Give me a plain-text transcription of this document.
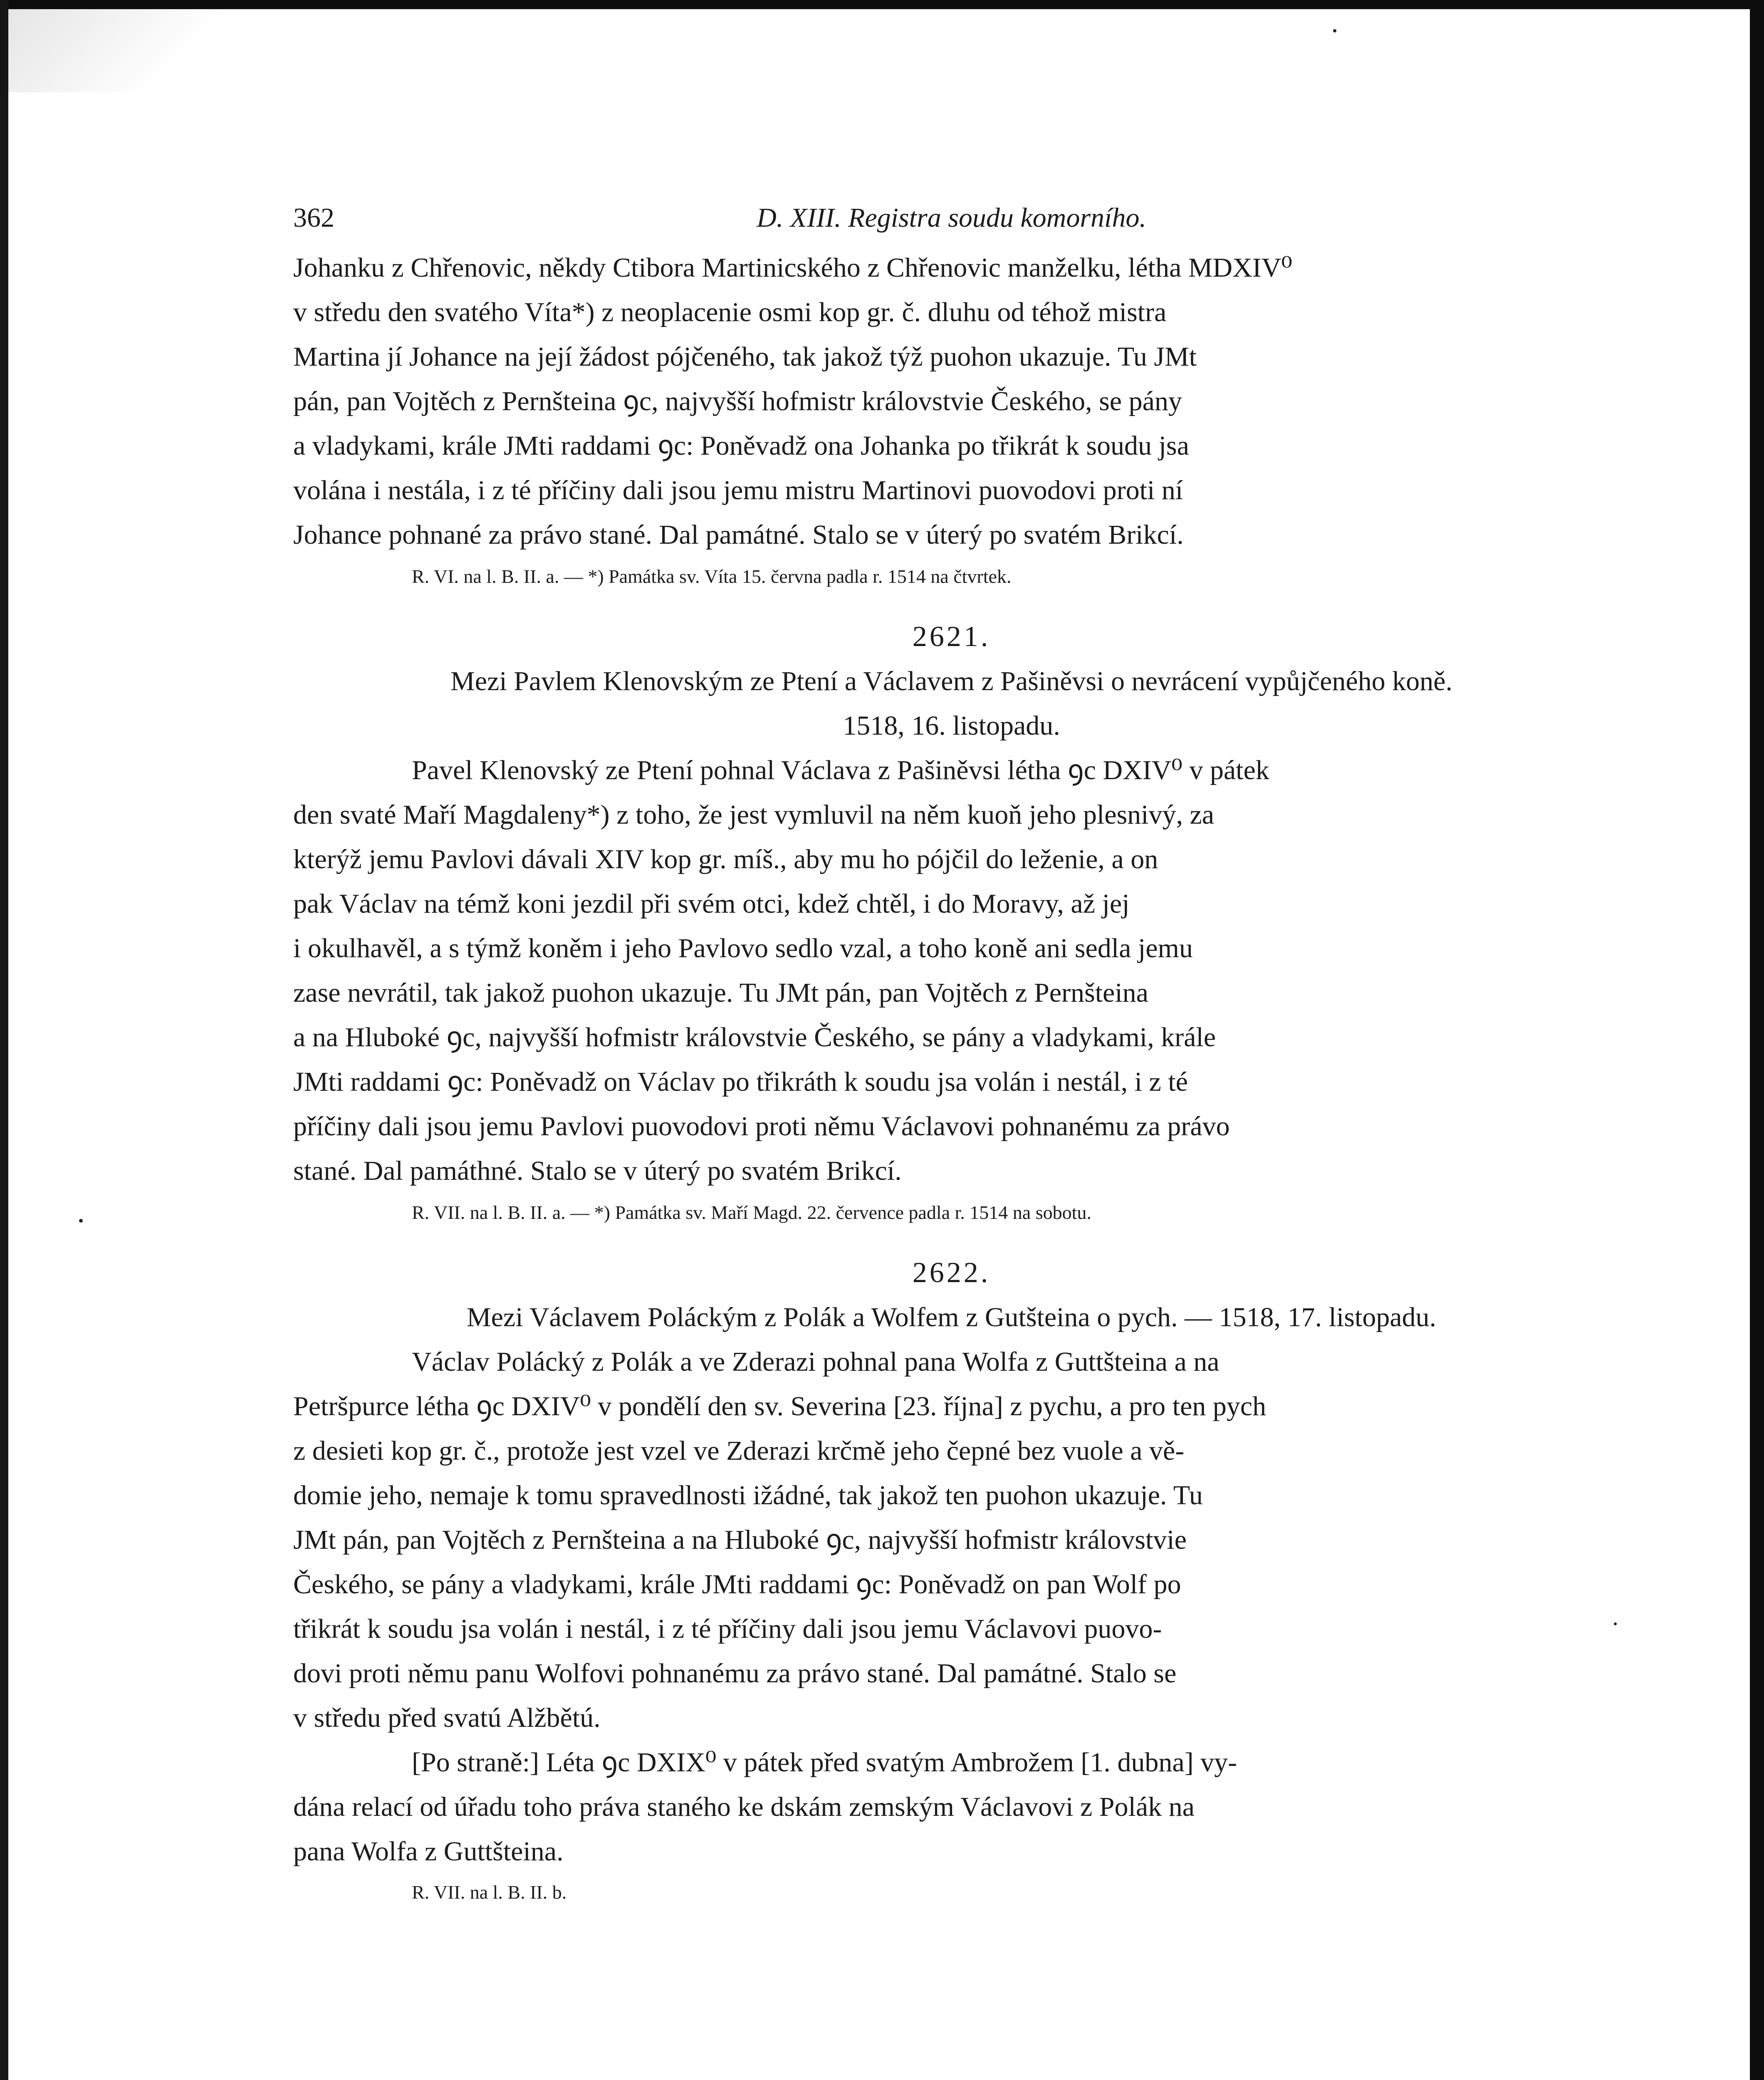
362	D. XIII. Registra soudu komorního.

Johanku z Chřenovic, někdy Ctibora Martinicského z Chřenovic manželku, létha MDXIV⁰
v středu den svatého Víta*) z neoplacenie osmi kop gr. č. dluhu od téhož mistra
Martina jí Johance na její žádost pójčeného, tak jakož týž puohon ukazuje. Tu JMt
pán, pan Vojtěch z Pernšteina ꝯc, najvyšší hofmistr královstvie Českého, se pány
a vladykami, krále JMti raddami ꝯc: Poněvadž ona Johanka po třikrát k soudu jsa
volána i nestála, i z té příčiny dali jsou jemu mistru Martinovi puovodovi proti ní
Johance pohnané za právo stané. Dal památné. Stalo se v úterý po svatém Brikcí.

R. VI. na l. B. II. a. — *) Památka sv. Víta 15. června padla r. 1514 na čtvrtek.
2621.

Mezi Pavlem Klenovským ze Ptení a Václavem z Pašiněvsi o nevrácení vypůjčeného koně.
1518, 16. listopadu.

Pavel Klenovský ze Ptení pohnal Václava z Pašiněvsi létha ꝯc DXIV⁰ v pátek
den svaté Maří Magdaleny*) z toho, že jest vymluvil na něm kuoň jeho plesnivý, za
kterýž jemu Pavlovi dávali XIV kop gr. míš., aby mu ho pójčil do leženie, a on
pak Václav na témž koni jezdil při svém otci, kdež chtěl, i do Moravy, až jej
i okulhavěl, a s týmž koněm i jeho Pavlovo sedlo vzal, a toho koně ani sedla jemu
zase nevrátil, tak jakož puohon ukazuje. Tu JMt pán, pan Vojtěch z Pernšteina
a na Hluboké ꝯc, najvyšší hofmistr královstvie Českého, se pány a vladykami, krále
JMti raddami ꝯc: Poněvadž on Václav po třikráth k soudu jsa volán i nestál, i z té
příčiny dali jsou jemu Pavlovi puovodovi proti němu Václavovi pohnanému za právo
stané. Dal památhné. Stalo se v úterý po svatém Brikcí.

R. VII. na l. B. II. a. — *) Památka sv. Maří Magd. 22. července padla r. 1514 na sobotu.
2622.

Mezi Václavem Poláckým z Polák a Wolfem z Gutšteina o pych. — 1518, 17. listopadu.

Václav Polácký z Polák a ve Zderazi pohnal pana Wolfa z Guttšteina a na
Petršpurce létha ꝯc DXIV⁰ v pondělí den sv. Severina [23. října] z pychu, a pro ten pych
z desieti kop gr. č., protože jest vzel ve Zderazi krčmě jeho čepné bez vuole a vě-
domie jeho, nemaje k tomu spravedlnosti ižádné, tak jakož ten puohon ukazuje. Tu
JMt pán, pan Vojtěch z Pernšteina a na Hluboké ꝯc, najvyšší hofmistr královstvie
Českého, se pány a vladykami, krále JMti raddami ꝯc: Poněvadž on pan Wolf po
třikrát k soudu jsa volán i nestál, i z té příčiny dali jsou jemu Václavovi puovo-
dovi proti němu panu Wolfovi pohnanému za právo stané. Dal památné. Stalo se
v středu před svatú Alžbětú.

[Po straně:] Léta ꝯc DXIX⁰ v pátek před svatým Ambrožem [1. dubna] vy-
dána relací od úřadu toho práva staného ke dskám zemským Václavovi z Polák na
pana Wolfa z Guttšteina.

R. VII. na l. B. II. b.
